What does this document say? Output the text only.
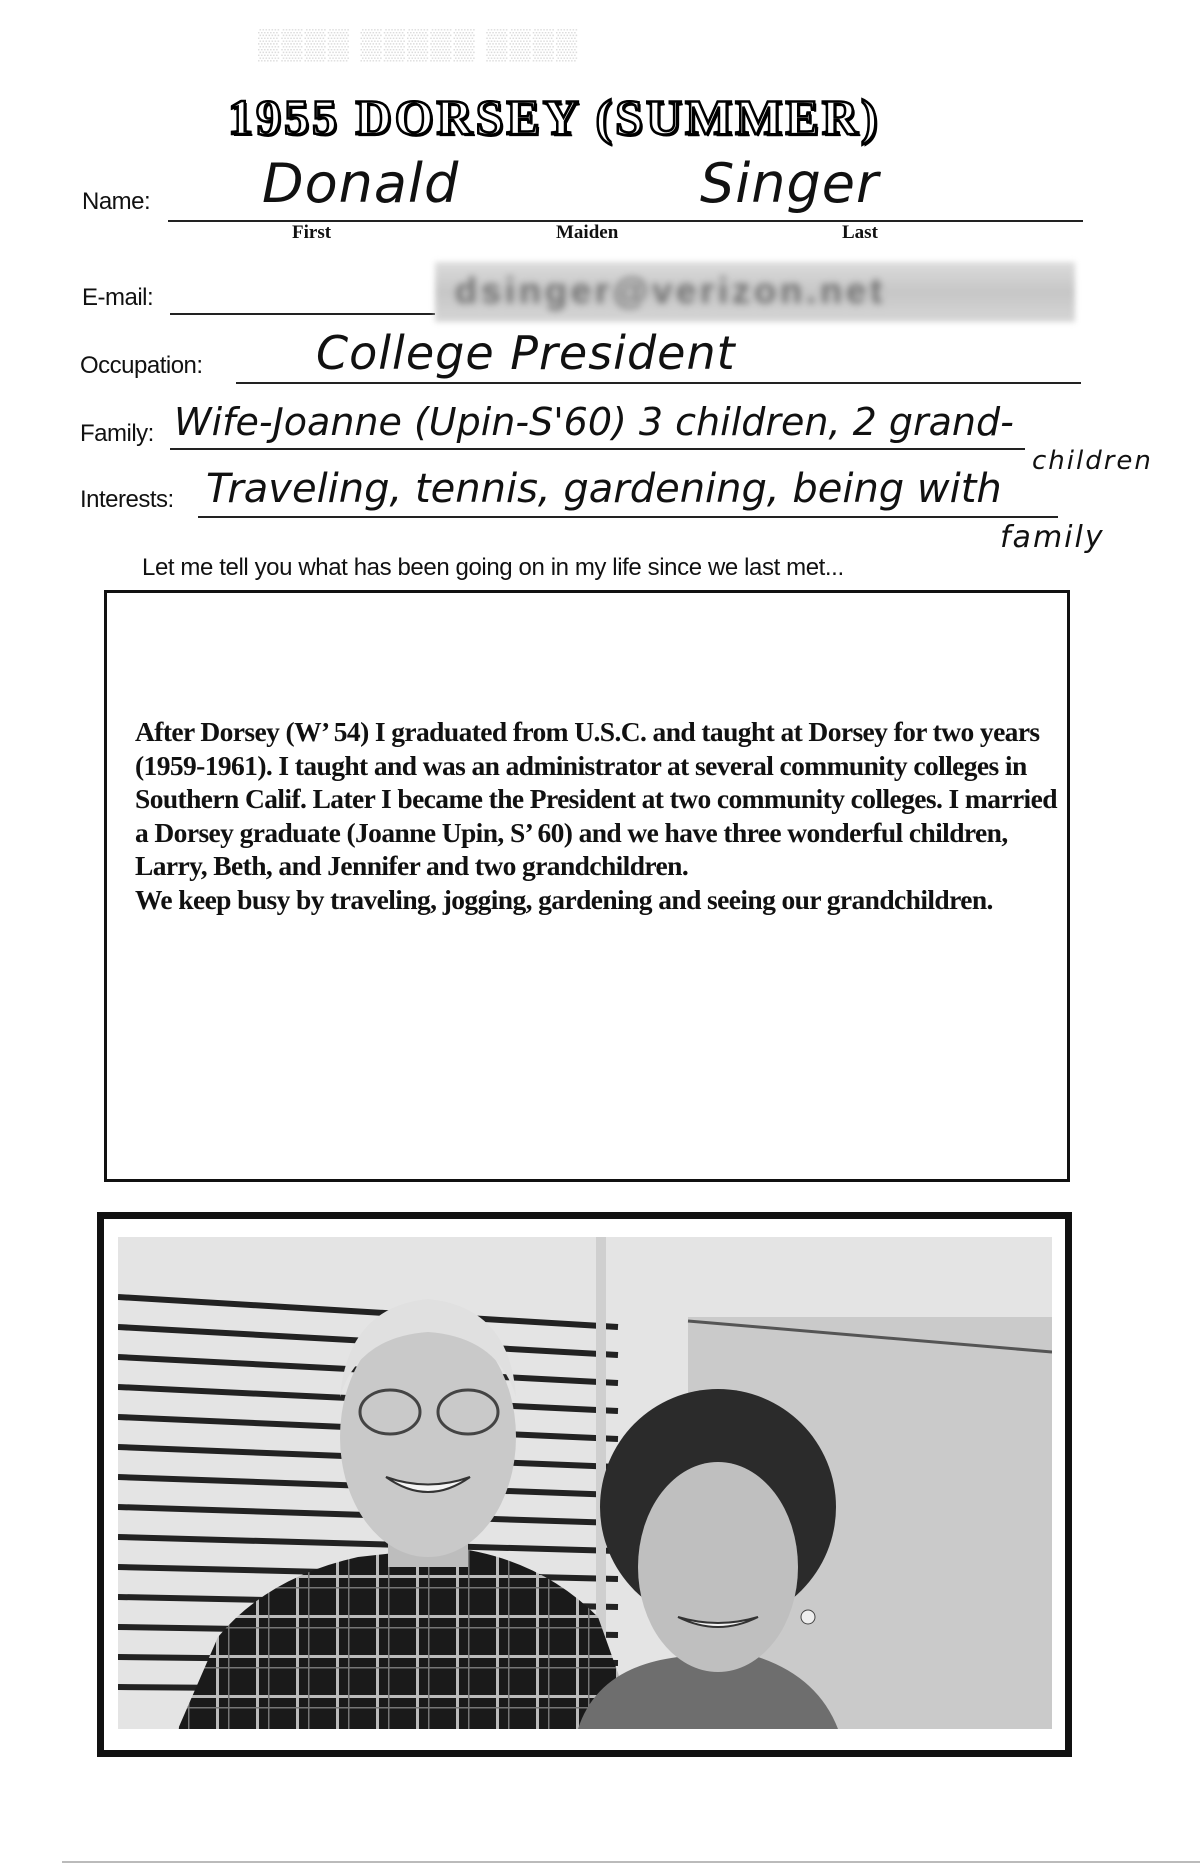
▒▒▒▒ ▒▒▒▒▒ ▒▒▒▒
1955 DORSEY (SUMMER)
Name: Donald	Singer
First	Maiden	Last
E-mail:	dsinger@verizon.net
Occupation: College President
Family: Wife-Joanne (Upin-S'60) 3 children, 2 grand-
children
Interests: Traveling, tennis, gardening, being with
family
Let me tell you what has been going on in my life since we last met...

After Dorsey (W’ 54) I graduated from U.S.C. and taught at Dorsey for two years (1959-1961). I taught and was an administrator at several community colleges in Southern Calif. Later I became the President at two community colleges. I married a Dorsey graduate (Joanne Upin, S’ 60) and we have three wonderful children, Larry, Beth, and Jennifer and two grandchildren.

We keep busy by traveling, jogging, gardening and seeing our grandchildren.
